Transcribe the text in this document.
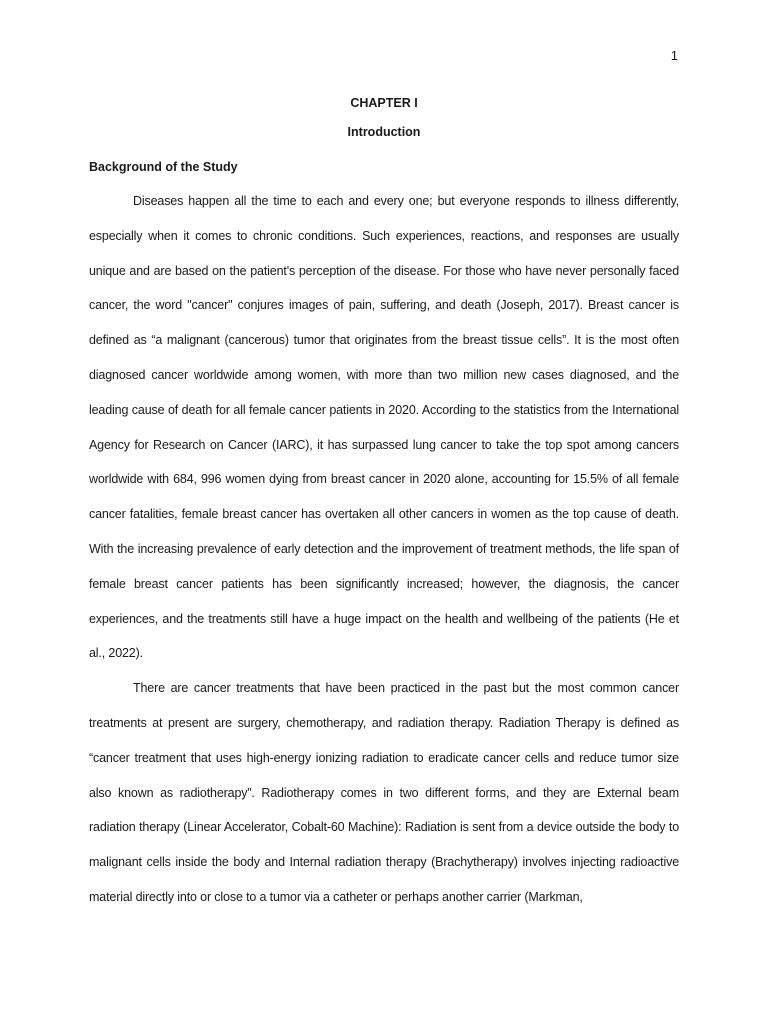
1
CHAPTER I
Introduction
Background of the Study

Diseases happen all the time to each and every one; but everyone responds to illness differently, especially when it comes to chronic conditions. Such experiences, reactions, and responses are usually unique and are based on the patient's perception of the disease. For those who have never personally faced cancer, the word "cancer" conjures images of pain, suffering, and death (Joseph, 2017). Breast cancer is defined as “a malignant (cancerous) tumor that originates from the breast tissue cells”. It is the most often diagnosed cancer worldwide among women, with more than two million new cases diagnosed, and the leading cause of death for all female cancer patients in 2020. According to the statistics from the International Agency for Research on Cancer (IARC), it has surpassed lung cancer to take the top spot among cancers worldwide with 684, 996 women dying from breast cancer in 2020 alone, accounting for 15.5% of all female cancer fatalities, female breast cancer has overtaken all other cancers in women as the top cause of death. With the increasing prevalence of early detection and the improvement of treatment methods, the life span of female breast cancer patients has been significantly increased; however, the diagnosis, the cancer experiences, and the treatments still have a huge impact on the health and wellbeing of the patients (He et al., 2022).

There are cancer treatments that have been practiced in the past but the most common cancer treatments at present are surgery, chemotherapy, and radiation therapy. Radiation Therapy is defined as “cancer treatment that uses high-energy ionizing radiation to eradicate cancer cells and reduce tumor size also known as radiotherapy”. Radiotherapy comes in two different forms, and they are External beam radiation therapy (Linear Accelerator, Cobalt-60 Machine): Radiation is sent from a device outside the body to malignant cells inside the body and Internal radiation therapy (Brachytherapy) involves injecting radioactive material directly into or close to a tumor via a catheter or perhaps another carrier (Markman,
